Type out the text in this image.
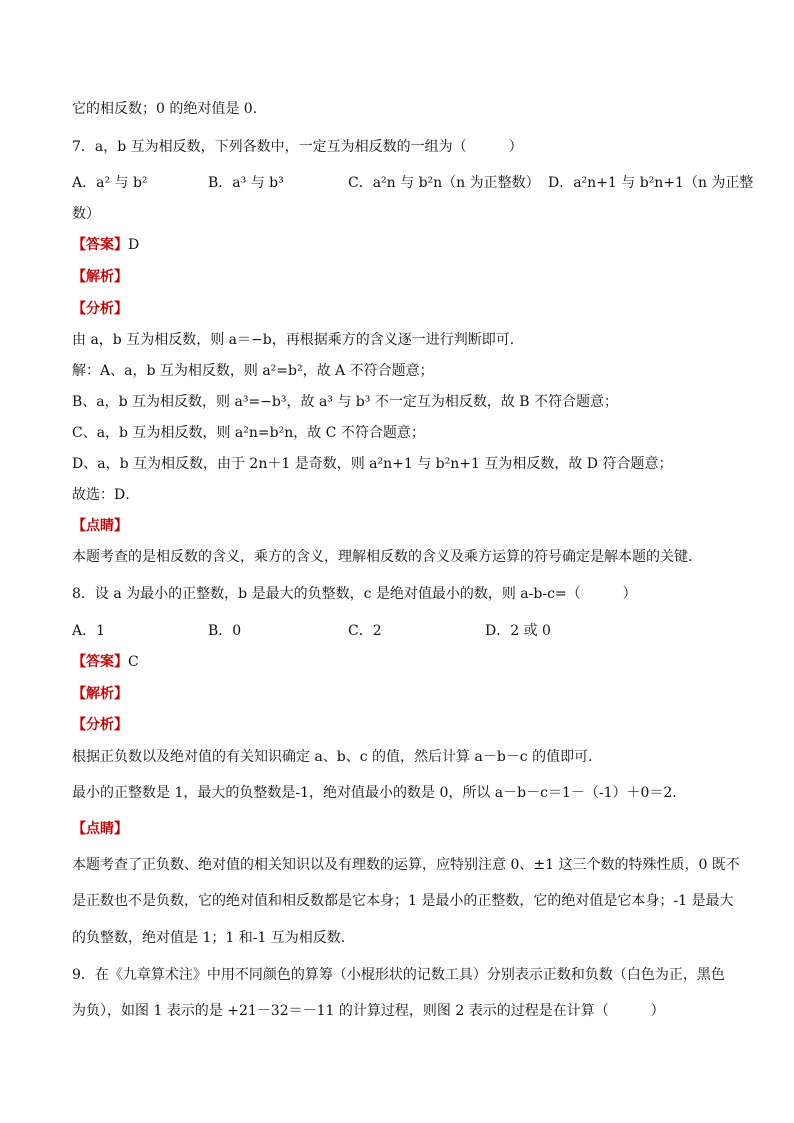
它的相反数；0 的绝对值是 0.
7．a，b 互为相反数，下列各数中，一定互为相反数的一组为（　　　）
A．a² 与 b²	B．a³ 与 b³	C．a²n 与 b²n（n 为正整数） D．a²n+1 与 b²n+1（n 为正整
数）
【答案】D
【解析】
【分析】
由 a，b 互为相反数，则 a＝−b，再根据乘方的含义逐一进行判断即可．
解：A、a，b 互为相反数，则 a²=b²，故 A 不符合题意；
B、a，b 互为相反数，则 a³=−b³，故 a³ 与 b³ 不一定互为相反数，故 B 不符合题意；
C、a，b 互为相反数，则 a²n=b²n，故 C 不符合题意；
D、a，b 互为相反数，由于 2n＋1 是奇数，则 a²n+1 与 b²n+1 互为相反数，故 D 符合题意；
故选：D．
【点睛】
本题考查的是相反数的含义，乘方的含义，理解相反数的含义及乘方运算的符号确定是解本题的关键．
8．设 a 为最小的正整数，b 是最大的负整数，c 是绝对值最小的数，则 a-b-c=（　　　）
A．1	B．0	C．2	D．2 或 0
【答案】C
【解析】
【分析】
根据正负数以及绝对值的有关知识确定 a、b、c 的值，然后计算 a－b－c 的值即可.
最小的正整数是 1，最大的负整数是-1，绝对值最小的数是 0，所以 a－b－c＝1－（-1）＋0＝2.
【点睛】
本题考查了正负数、绝对值的相关知识以及有理数的运算，应特别注意 0、±1 这三个数的特殊性质，0 既不
是正数也不是负数，它的绝对值和相反数都是它本身；1 是最小的正整数，它的绝对值是它本身；-1 是最大
的负整数，绝对值是 1；1 和-1 互为相反数.
9．在《九章算术注》中用不同颜色的算筹（小棍形状的记数工具）分别表示正数和负数（白色为正，黑色
为负），如图 1 表示的是 +21－32＝－11 的计算过程，则图 2 表示的过程是在计算（　　　）
